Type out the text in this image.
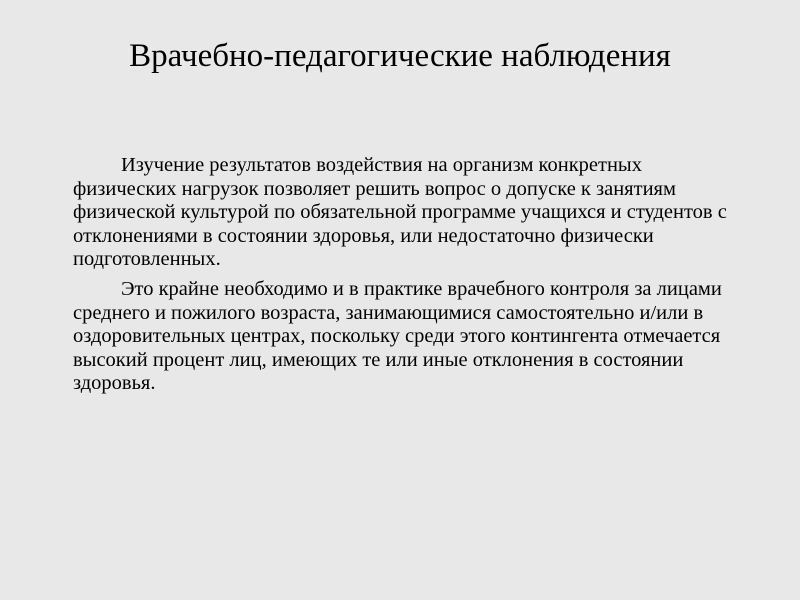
Врачебно-педагогические наблюдения

Изучение результатов воздействия на организм конкретных физических нагрузок позволяет решить вопрос о допуске к занятиям физической культурой по обязательной программе учащихся и студентов с отклонениями в состоянии здоровья, или недостаточно физически подготовленных.

Это крайне необходимо и в практике врачебного контроля за лицами среднего и пожилого возраста, занимающимися самостоятельно и/или в оздоровительных центрах, поскольку среди этого контингента отмечается высокий процент лиц, имеющих те или иные отклонения в состоянии здоровья.
